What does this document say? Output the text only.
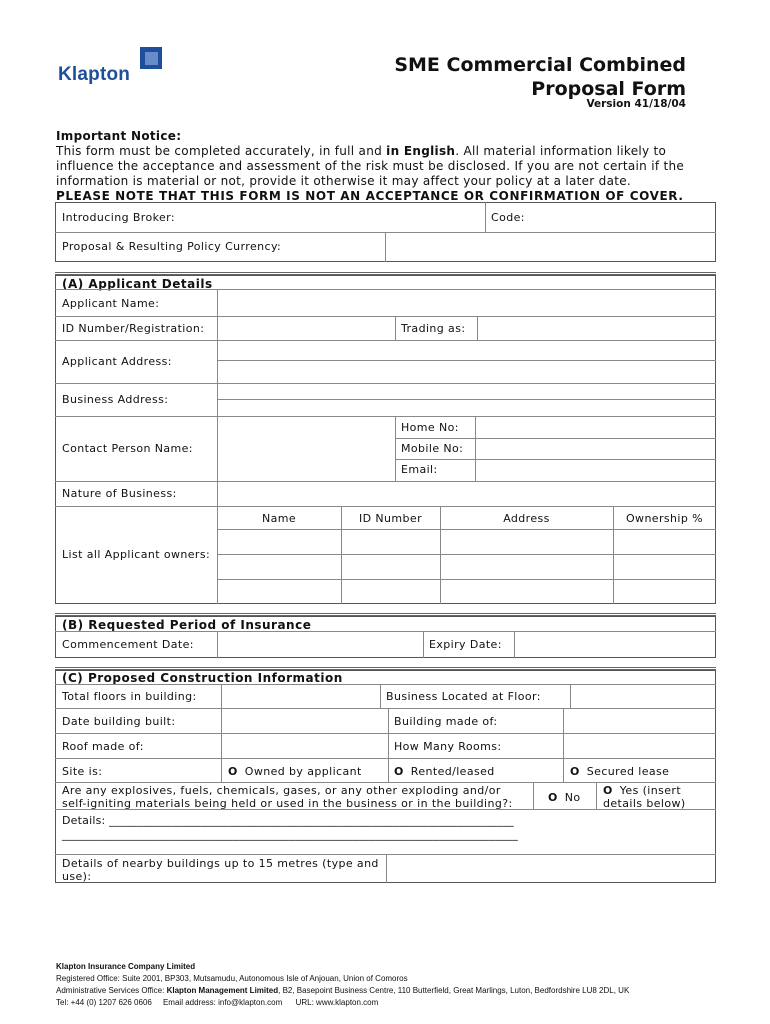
Klapton	SME Commercial Combined
Proposal Form
Version 41/18/04
Important Notice:
This form must be completed accurately, in full and in English. All material information likely to influence the acceptance and assessment of the risk must be disclosed. If you are not certain if the information is material or not, provide it otherwise it may affect your policy at a later date.
PLEASE NOTE THAT THIS FORM IS NOT AN ACCEPTANCE OR CONFIRMATION OF COVER.
Introducing Broker:	Code:
Proposal & Resulting Policy Currency:
(A) Applicant Details
Applicant Name:
ID Number/Registration:	Trading as:
Applicant Address:
Business Address:
Contact Person Name:
Home No:
Mobile No:
Email:
Nature of Business:
List all Applicant owners:
Name	ID Number	Address	Ownership %
(B) Requested Period of Insurance
Commencement Date:	Expiry Date:
(C) Proposed Construction Information
Total floors in building:	Business Located at Floor:
Date building built:	Building made of:
Roof made of:	How Many Rooms:
Site is:	O Owned by applicant	O Rented/leased	O Secured lease
Are any explosives, fuels, chemicals, gases, or any other exploding and/or
self-igniting materials being held or used in the business or in the building?:	O No
O Yes (insert
details below)
Details: _______________________________________________________________________
________________________________________________________________________________
Details of nearby buildings up to 15 metres (type and
use):
Klapton Insurance Company Limited
Registered Office: Suite 2001, BP303, Mutsamudu, Autonomous Isle of Anjouan, Union of Comoros
Administrative Services Office: Klapton Management Limited, B2, Basepoint Business Centre, 110 Butterfield, Great Marlings, Luton, Bedfordshire LU8 2DL, UK
Tel: +44 (0) 1207 626 0606     Email address: info@klapton.com      URL: www.klapton.com
